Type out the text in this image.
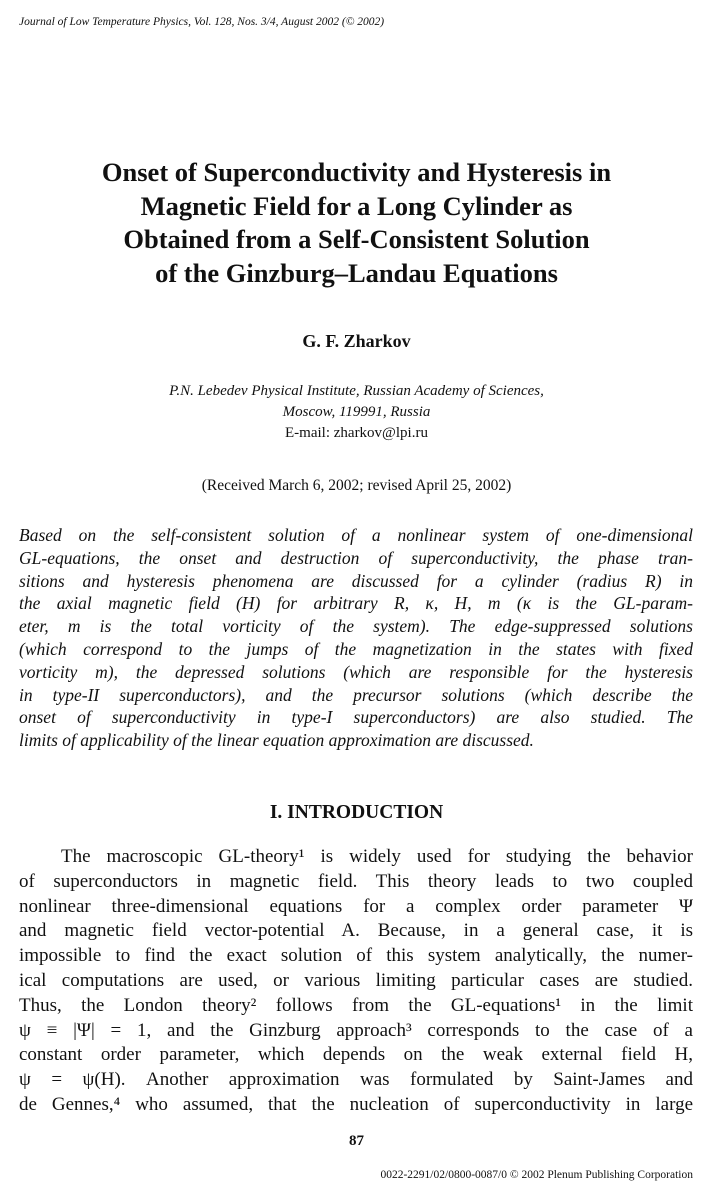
Journal of Low Temperature Physics, Vol. 128, Nos. 3/4, August 2002 (© 2002)
Onset of Superconductivity and Hysteresis in
Magnetic Field for a Long Cylinder as
Obtained from a Self-Consistent Solution
of the Ginzburg–Landau Equations
G. F. Zharkov
P.N. Lebedev Physical Institute, Russian Academy of Sciences,
Moscow, 119991, Russia
E-mail: zharkov@lpi.ru
(Received March 6, 2002; revised April 25, 2002)
Based on the self-consistent solution of a nonlinear system of one-dimensional
GL-equations, the onset and destruction of superconductivity, the phase tran-
sitions and hysteresis phenomena are discussed for a cylinder (radius R) in
the axial magnetic field (H) for arbitrary R, κ, H, m (κ is the GL-param-
eter, m is the total vorticity of the system). The edge-suppressed solutions
(which correspond to the jumps of the magnetization in the states with fixed
vorticity m), the depressed solutions (which are responsible for the hysteresis
in type-II superconductors), and the precursor solutions (which describe the
onset of superconductivity in type-I superconductors) are also studied. The
limits of applicability of the linear equation approximation are discussed.
I. INTRODUCTION
The macroscopic GL-theory¹ is widely used for studying the behavior
of superconductors in magnetic field. This theory leads to two coupled
nonlinear three-dimensional equations for a complex order parameter Ψ
and magnetic field vector-potential A. Because, in a general case, it is
impossible to find the exact solution of this system analytically, the numer-
ical computations are used, or various limiting particular cases are studied.
Thus, the London theory² follows from the GL-equations¹ in the limit
ψ ≡ |Ψ| = 1, and the Ginzburg approach³ corresponds to the case of a
constant order parameter, which depends on the weak external field H,
ψ = ψ(H). Another approximation was formulated by Saint-James and
de Gennes,⁴ who assumed, that the nucleation of superconductivity in large
87
0022-2291/02/0800-0087/0 © 2002 Plenum Publishing Corporation
